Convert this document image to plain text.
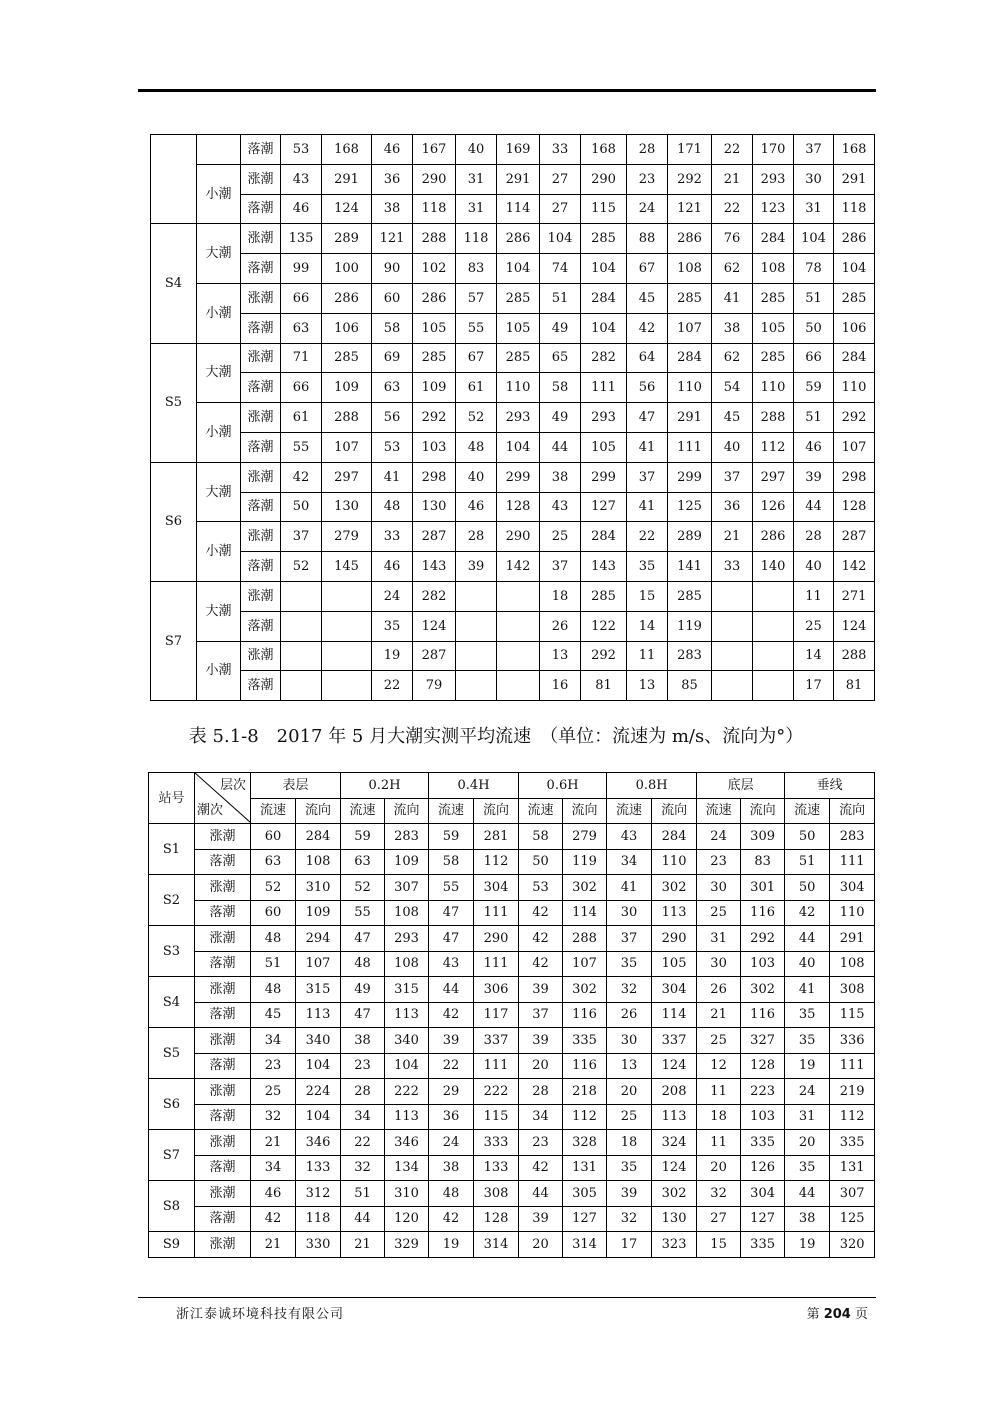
		落潮	53	168	46	167	40	169	33	168	28	171	22	170	37	168
	小潮	涨潮	43	291	36	290	31	291	27	290	23	292	21	293	30	291
		落潮	46	124	38	118	31	114	27	115	24	121	22	123	31	118
S4	大潮	涨潮	135	289	121	288	118	286	104	285	88	286	76	284	104	286
		落潮	99	100	90	102	83	104	74	104	67	108	62	108	78	104
	小潮	涨潮	66	286	60	286	57	285	51	284	45	285	41	285	51	285
		落潮	63	106	58	105	55	105	49	104	42	107	38	105	50	106
S5	大潮	涨潮	71	285	69	285	67	285	65	282	64	284	62	285	66	284
		落潮	66	109	63	109	61	110	58	111	56	110	54	110	59	110
	小潮	涨潮	61	288	56	292	52	293	49	293	47	291	45	288	51	292
		落潮	55	107	53	103	48	104	44	105	41	111	40	112	46	107
S6	大潮	涨潮	42	297	41	298	40	299	38	299	37	299	37	297	39	298
		落潮	50	130	48	130	46	128	43	127	41	125	36	126	44	128
	小潮	涨潮	37	279	33	287	28	290	25	284	22	289	21	286	28	287
		落潮	52	145	46	143	39	142	37	143	35	141	33	140	40	142
S7	大潮	涨潮			24	282			18	285	15	285			11	271
		落潮			35	124			26	122	14	119			25	124
	小潮	涨潮			19	287			13	292	11	283			14	288
		落潮			22	79			16	81	13	85			17	81
表 5.1-8　2017 年 5 月大潮实测平均流速　（单位：流速为 m/s、流向为°）
站号	层次
潮次	表层		0.2H		0.4H		0.6H		0.8H		底层		垂线	
		流速	流向	流速	流向	流速	流向	流速	流向	流速	流向	流速	流向	流速	流向
S1	涨潮	60	284	59	283	59	281	58	279	43	284	24	309	50	283
	落潮	63	108	63	109	58	112	50	119	34	110	23	83	51	111
S2	涨潮	52	310	52	307	55	304	53	302	41	302	30	301	50	304
	落潮	60	109	55	108	47	111	42	114	30	113	25	116	42	110
S3	涨潮	48	294	47	293	47	290	42	288	37	290	31	292	44	291
	落潮	51	107	48	108	43	111	42	107	35	105	30	103	40	108
S4	涨潮	48	315	49	315	44	306	39	302	32	304	26	302	41	308
	落潮	45	113	47	113	42	117	37	116	26	114	21	116	35	115
S5	涨潮	34	340	38	340	39	337	39	335	30	337	25	327	35	336
	落潮	23	104	23	104	22	111	20	116	13	124	12	128	19	111
S6	涨潮	25	224	28	222	29	222	28	218	20	208	11	223	24	219
	落潮	32	104	34	113	36	115	34	112	25	113	18	103	31	112
S7	涨潮	21	346	22	346	24	333	23	328	18	324	11	335	20	335
	落潮	34	133	32	134	38	133	42	131	35	124	20	126	35	131
S8	涨潮	46	312	51	310	48	308	44	305	39	302	32	304	44	307
	落潮	42	118	44	120	42	128	39	127	32	130	27	127	38	125
S9	涨潮	21	330	21	329	19	314	20	314	17	323	15	335	19	320
浙江泰诚环境科技有限公司	第 204 页
